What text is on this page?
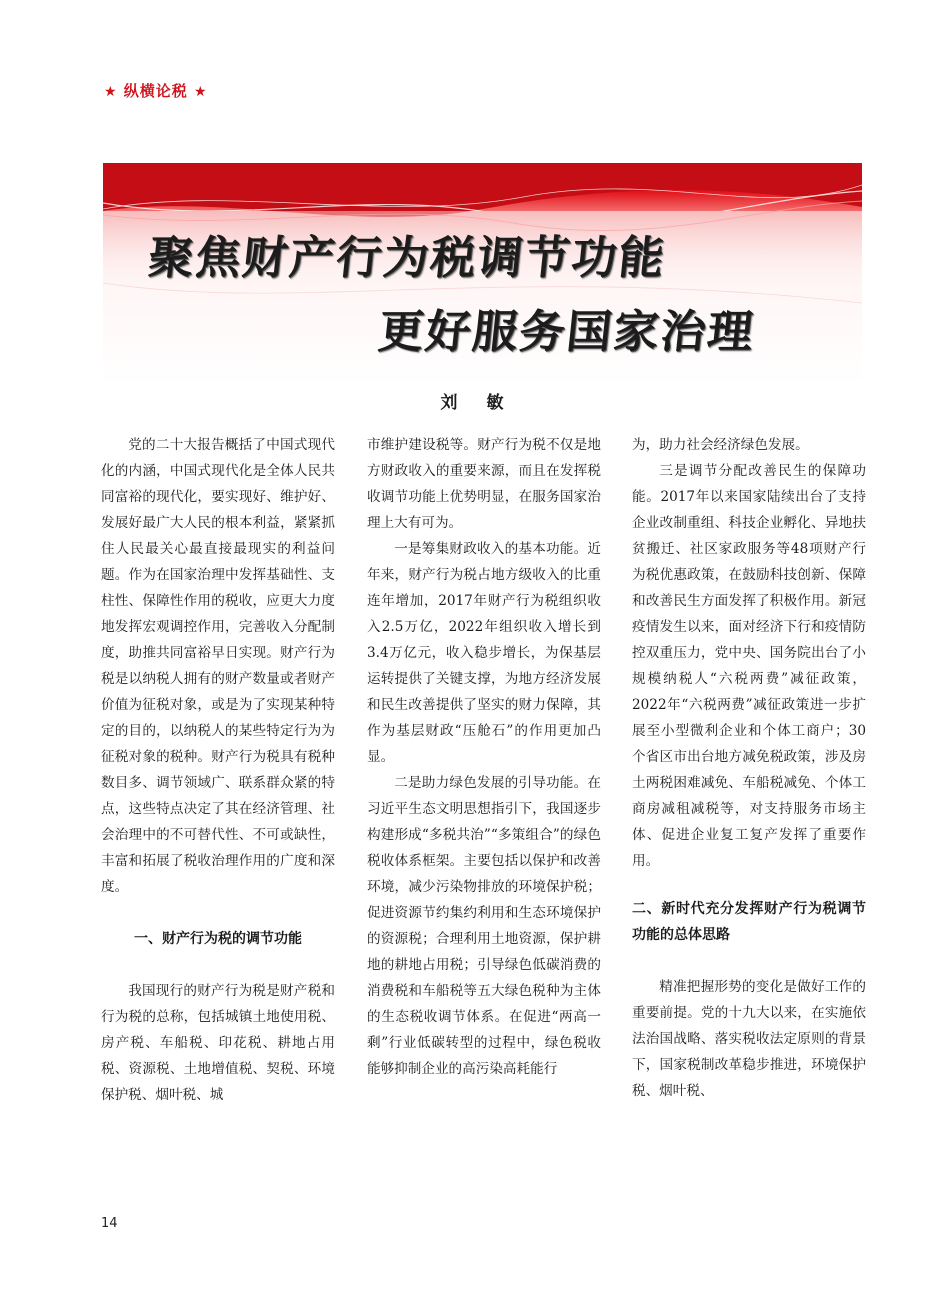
★ 纵横论税 ★
聚焦财产行为税调节功能
更好服务国家治理
刘　敏

党的二十大报告概括了中国式现代化的内涵，中国式现代化是全体人民共同富裕的现代化，要实现好、维护好、发展好最广大人民的根本利益，紧紧抓住人民最关心最直接最现实的利益问题。作为在国家治理中发挥基础性、支柱性、保障性作用的税收，应更大力度地发挥宏观调控作用，完善收入分配制度，助推共同富裕早日实现。财产行为税是以纳税人拥有的财产数量或者财产价值为征税对象，或是为了实现某种特定的目的，以纳税人的某些特定行为为征税对象的税种。财产行为税具有税种数目多、调节领域广、联系群众紧的特点，这些特点决定了其在经济管理、社会治理中的不可替代性、不可或缺性，丰富和拓展了税收治理作用的广度和深度。

一、财产行为税的调节功能

我国现行的财产行为税是财产税和行为税的总称，包括城镇土地使用税、房产税、车船税、印花税、耕地占用税、资源税、土地增值税、契税、环境保护税、烟叶税、城

市维护建设税等。财产行为税不仅是地方财政收入的重要来源，而且在发挥税收调节功能上优势明显，在服务国家治理上大有可为。

一是筹集财政收入的基本功能。近年来，财产行为税占地方级收入的比重连年增加，2017年财产行为税组织收入2.5万亿，2022年组织收入增长到3.4万亿元，收入稳步增长，为保基层运转提供了关键支撑，为地方经济发展和民生改善提供了坚实的财力保障，其作为基层财政“压舱石”的作用更加凸显。

二是助力绿色发展的引导功能。在习近平生态文明思想指引下，我国逐步构建形成“多税共治”“多策组合”的绿色税收体系框架。主要包括以保护和改善环境，减少污染物排放的环境保护税；促进资源节约集约利用和生态环境保护的资源税；合理利用土地资源，保护耕地的耕地占用税；引导绿色低碳消费的消费税和车船税等五大绿色税种为主体的生态税收调节体系。在促进“两高一剩”行业低碳转型的过程中，绿色税收能够抑制企业的高污染高耗能行

为，助力社会经济绿色发展。

三是调节分配改善民生的保障功能。2017年以来国家陆续出台了支持企业改制重组、科技企业孵化、异地扶贫搬迁、社区家政服务等48项财产行为税优惠政策，在鼓励科技创新、保障和改善民生方面发挥了积极作用。新冠疫情发生以来，面对经济下行和疫情防控双重压力，党中央、国务院出台了小规模纳税人“六税两费”减征政策，2022年“六税两费”减征政策进一步扩展至小型微利企业和个体工商户；30个省区市出台地方减免税政策，涉及房土两税困难减免、车船税减免、个体工商房减租减税等，对支持服务市场主体、促进企业复工复产发挥了重要作用。

二、新时代充分发挥财产行为税调节功能的总体思路

精准把握形势的变化是做好工作的重要前提。党的十九大以来，在实施依法治国战略、落实税收法定原则的背景下，国家税制改革稳步推进，环境保护税、烟叶税、

14
